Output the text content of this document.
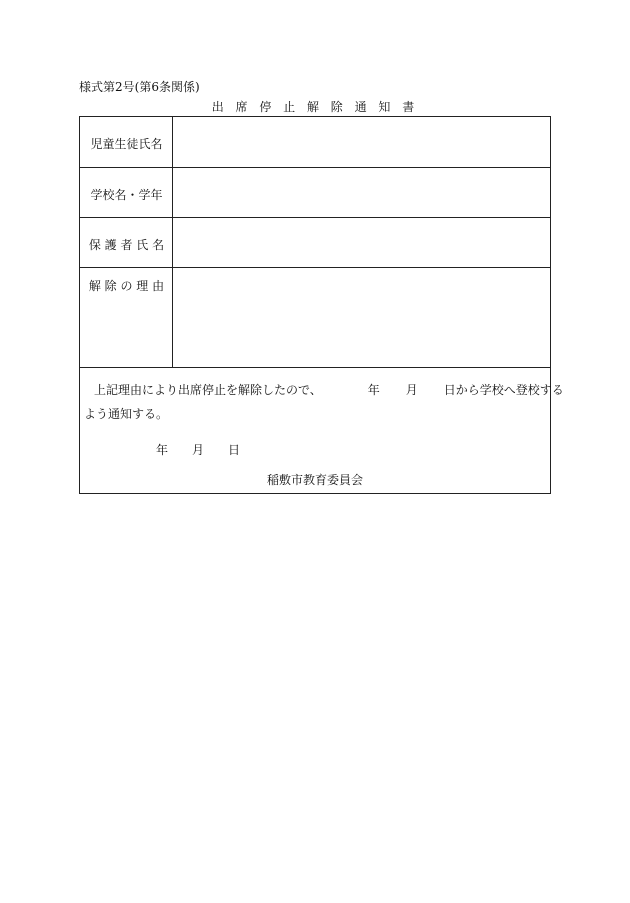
様式第2号(第6条関係)
出 席 停 止 解 除 通 知 書
児童生徒氏名
学校名・学年
保 護 者 氏 名
解 除 の 理 由
上記理由により出席停止を解除したので、	年 月 日から学校へ登校する
よう通知する。
年 月 日
稲敷市教育委員会
